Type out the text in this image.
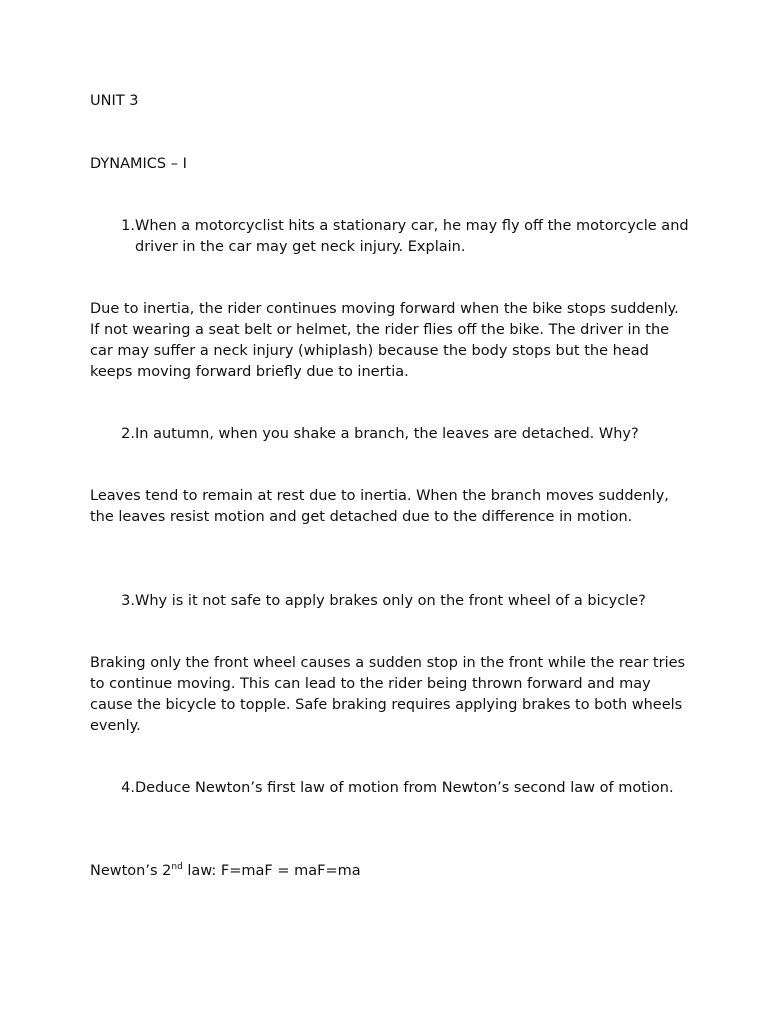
UNIT 3

DYNAMICS – I

1. When a motorcyclist hits a stationary car, he may fly off the motorcycle and driver in the car may get neck injury. Explain.

Due to inertia, the rider continues moving forward when the bike stops suddenly. If not wearing a seat belt or helmet, the rider flies off the bike. The driver in the car may suffer a neck injury (whiplash) because the body stops but the head keeps moving forward briefly due to inertia.

2. In autumn, when you shake a branch, the leaves are detached. Why?

Leaves tend to remain at rest due to inertia. When the branch moves suddenly, the leaves resist motion and get detached due to the difference in motion.

3. Why is it not safe to apply brakes only on the front wheel of a bicycle?

Braking only the front wheel causes a sudden stop in the front while the rear tries to continue moving. This can lead to the rider being thrown forward and may cause the bicycle to topple. Safe braking requires applying brakes to both wheels evenly.

4. Deduce Newton’s first law of motion from Newton’s second law of motion.

Newton’s 2nd law: F=maF = maF=ma
